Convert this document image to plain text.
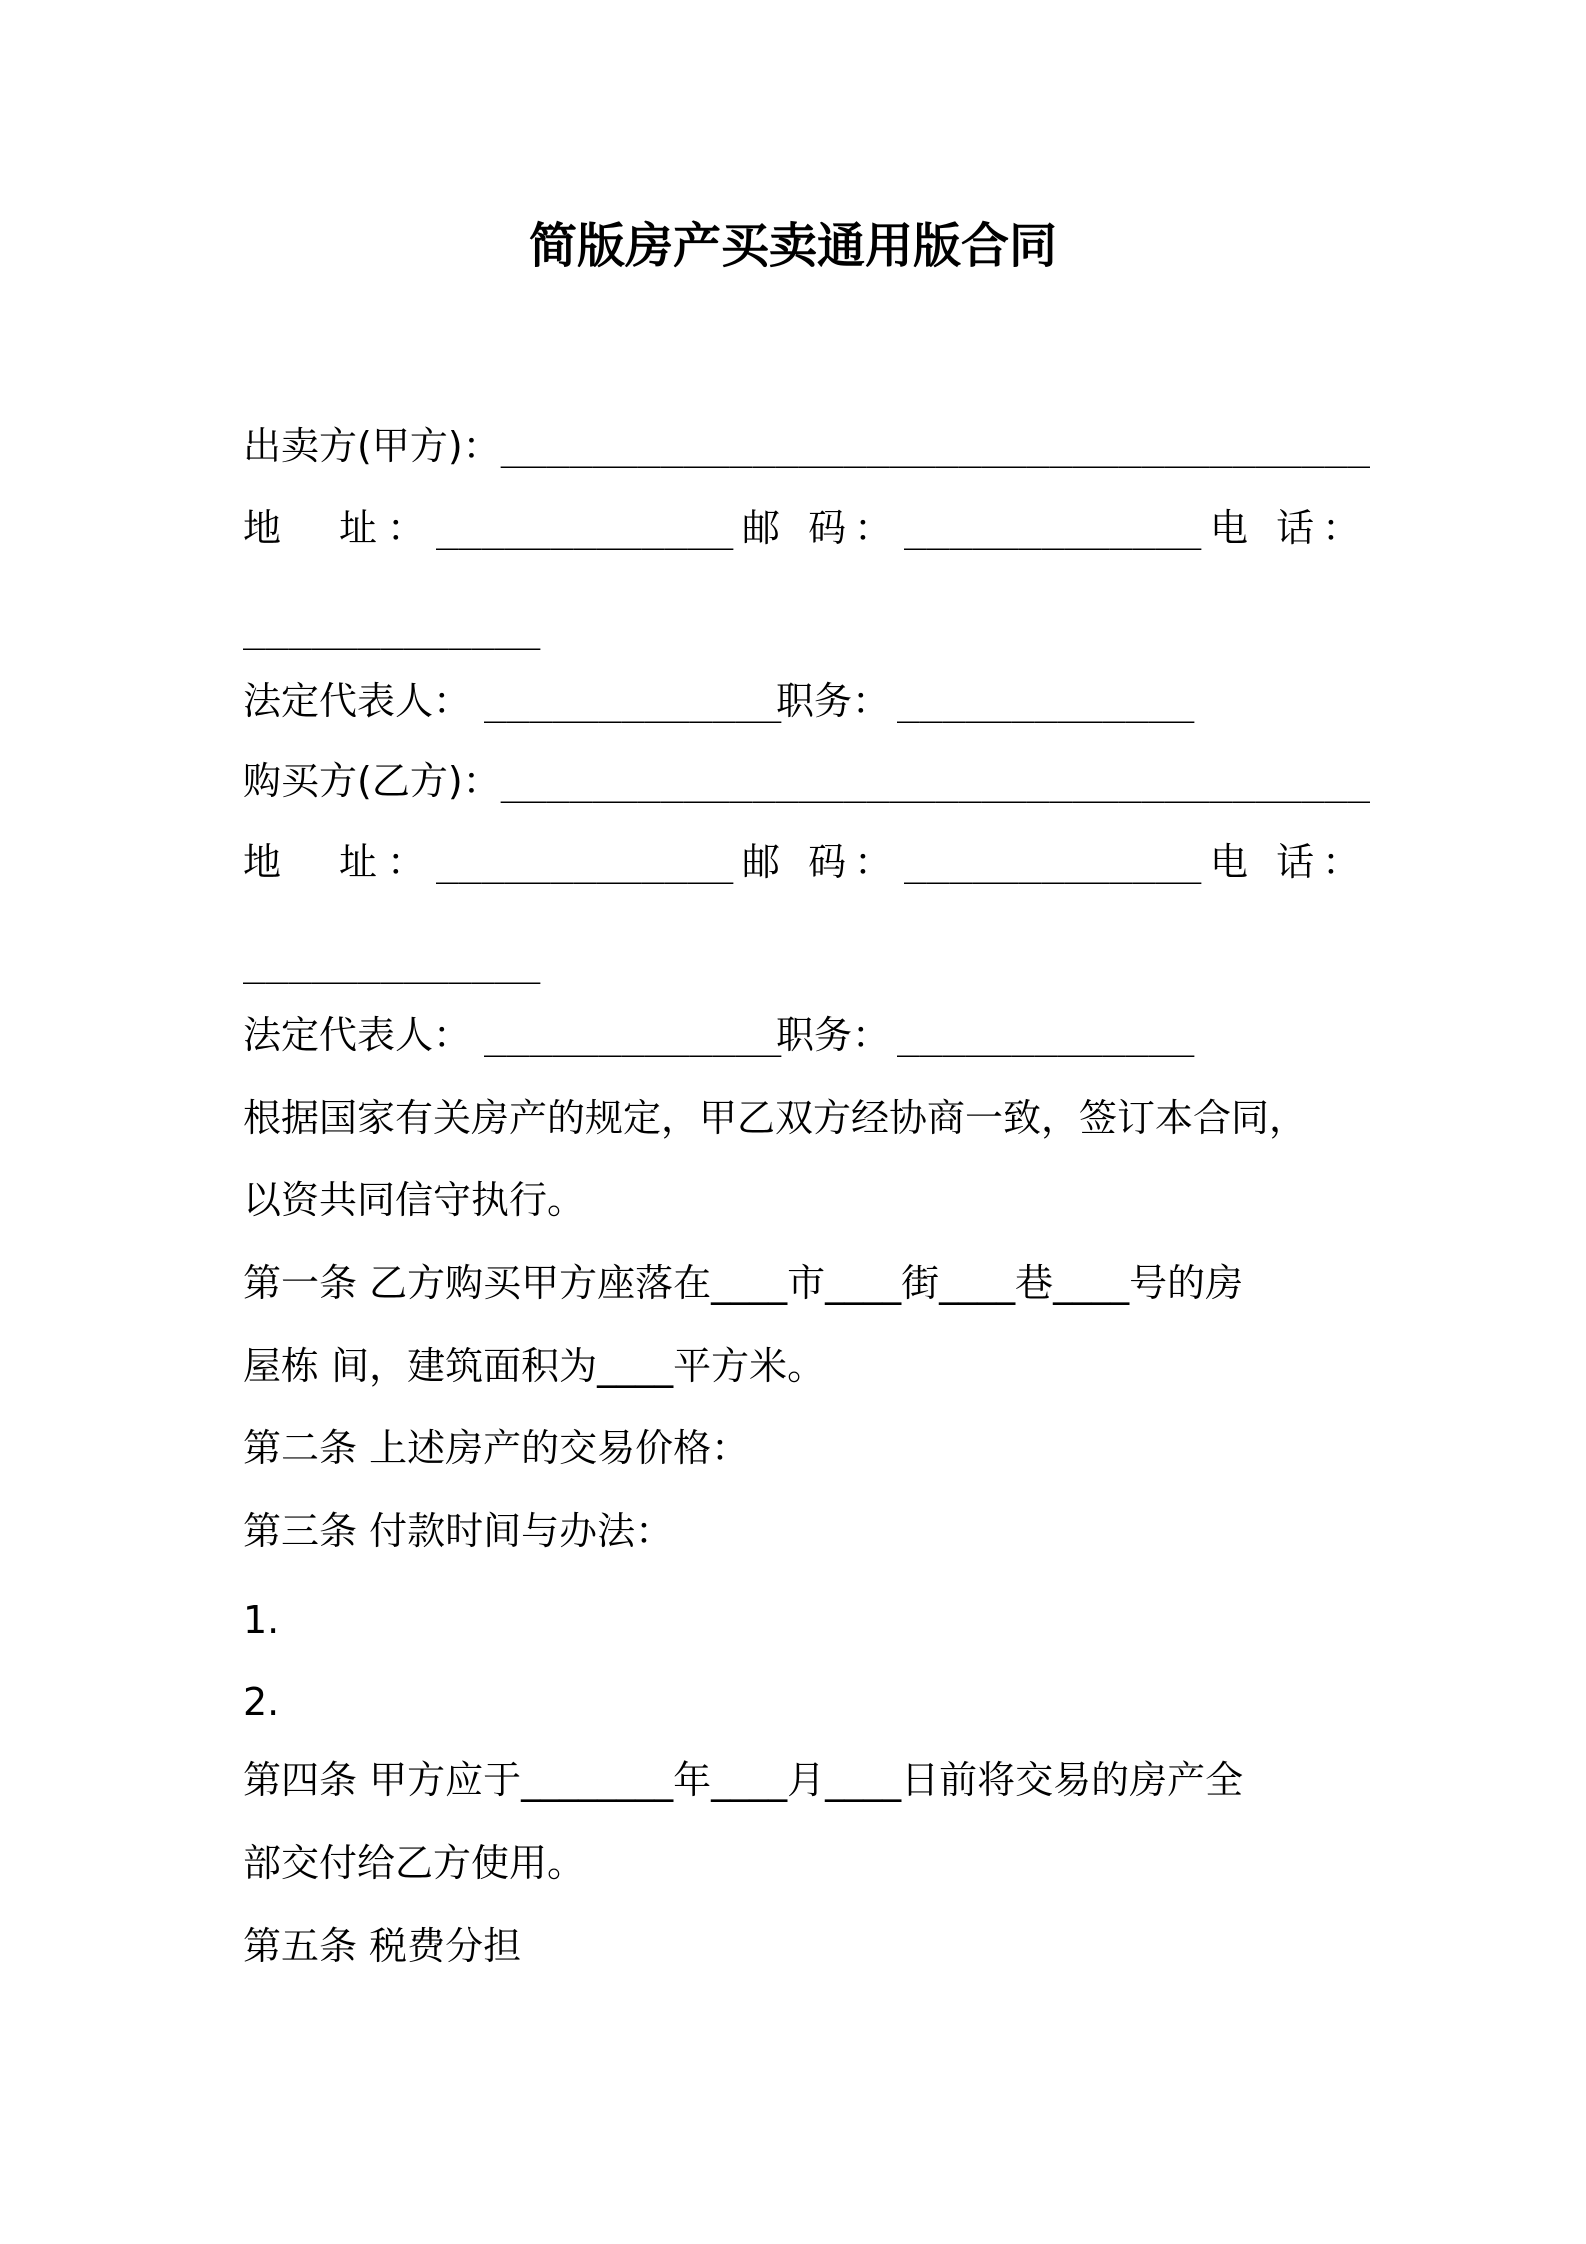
简版房产买卖通用版合同
出卖方(甲方)：______________________________________
地　址： _____________ 邮 码： _____________ 电 话：
_____________
法定代表人： _____________
职务： _____________
购买方(乙方)：______________________________________
地　址： _____________ 邮 码： _____________ 电 话：
_____________
法定代表人： _____________
职务： _____________
根据国家有关房产的规定，甲乙双方经协商一致，签订本合同，
以资共同信守执行。
第一条 乙方购买甲方座落在____市____街____巷____号的房
屋栋 间，建筑面积为____平方米。
第二条 上述房产的交易价格：
第三条 付款时间与办法：
1.
2.
第四条 甲方应于________年____月____日前将交易的房产全
部交付给乙方使用。
第五条 税费分担
